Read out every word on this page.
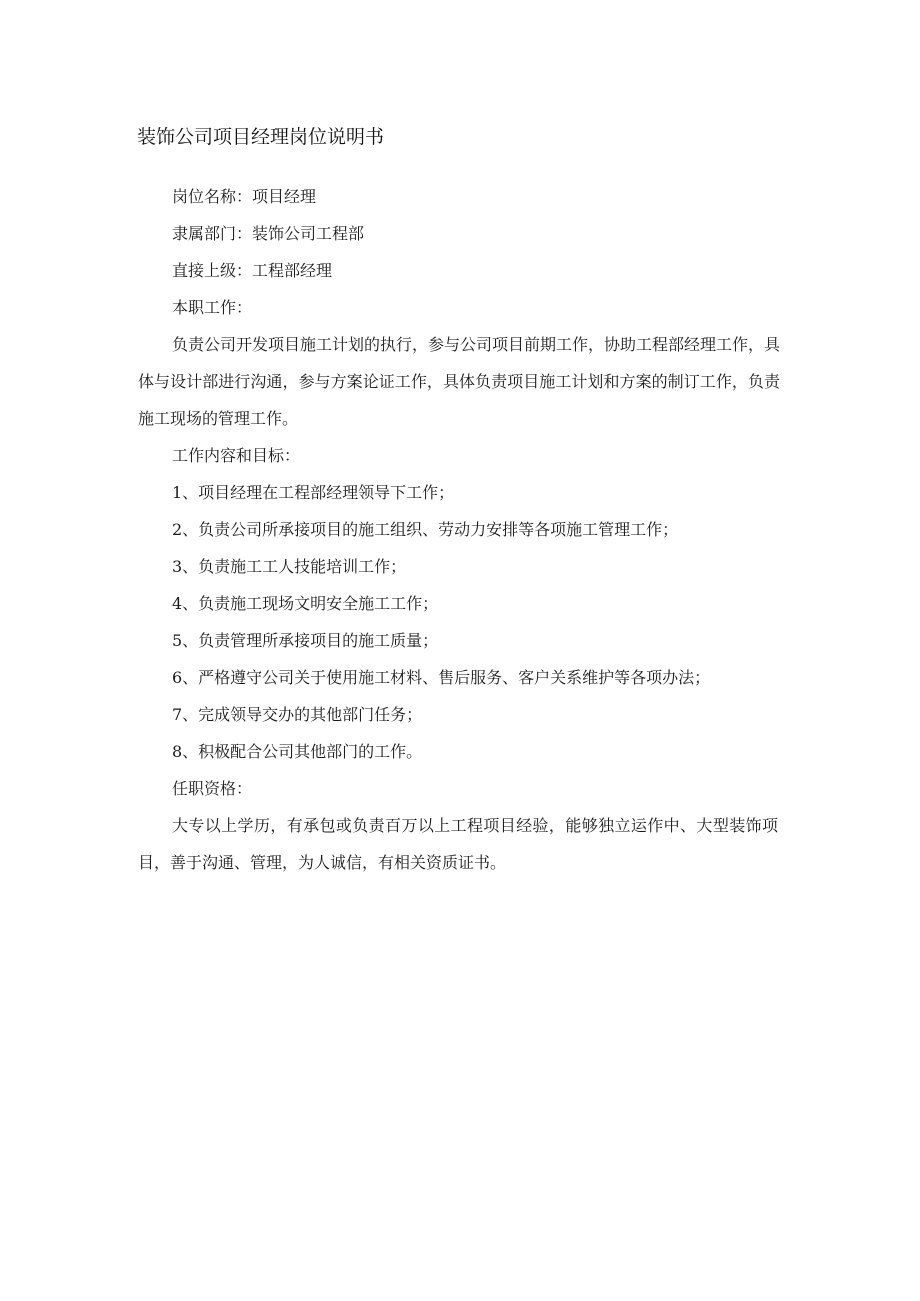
装饰公司项目经理岗位说明书

岗位名称：项目经理

隶属部门：装饰公司工程部

直接上级：工程部经理

本职工作：

负责公司开发项目施工计划的执行，参与公司项目前期工作，协助工程部经理工作，具体与设计部进行沟通，参与方案论证工作，具体负责项目施工计划和方案的制订工作，负责施工现场的管理工作。

工作内容和目标：

1、项目经理在工程部经理领导下工作；

2、负责公司所承接项目的施工组织、劳动力安排等各项施工管理工作；

3、负责施工工人技能培训工作；

4、负责施工现场文明安全施工工作；

5、负责管理所承接项目的施工质量；

6、严格遵守公司关于使用施工材料、售后服务、客户关系维护等各项办法；

7、完成领导交办的其他部门任务；

8、积极配合公司其他部门的工作。

任职资格：

大专以上学历，有承包或负责百万以上工程项目经验，能够独立运作中、大型装饰项目，善于沟通、管理，为人诚信，有相关资质证书。
